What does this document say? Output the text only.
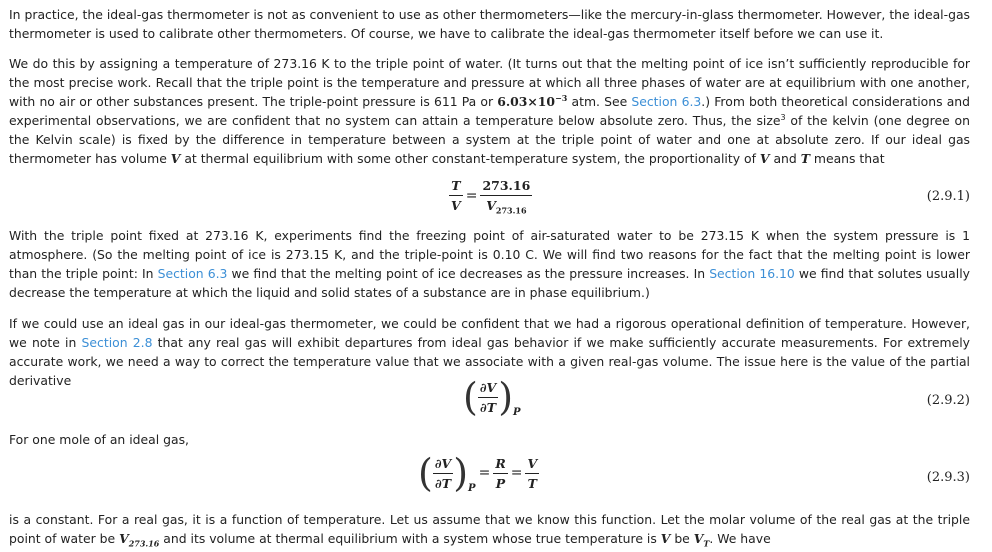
In practice, the ideal-gas thermometer is not as convenient to use as other thermometers—like the mercury-in-glass thermometer. However, the ideal-gas thermometer is used to calibrate other thermometers. Of course, we have to calibrate the ideal-gas thermometer itself before we can use it.

We do this by assigning a temperature of 273.16 K to the triple point of water. (It turns out that the melting point of ice isn’t sufficiently reproducible for the most precise work. Recall that the triple point is the temperature and pressure at which all three phases of water are at equilibrium with one another, with no air or other substances present. The triple-point pressure is 611 Pa or $6.03\times 10^{-3}$ atm. See Section 6.3.) From both theoretical considerations and experimental observations, we are confident that no system can attain a temperature below absolute zero. Thus, the size$^3$ of the kelvin (one degree on the Kelvin scale) is fixed by the difference in temperature between a system at the triple point of water and one at absolute zero. If our ideal gas thermometer has volume V at thermal equilibrium with some other constant-temperature system, the proportionality of V and T means that

$\frac{T}{V} = \frac{273.16}{V_{273.16}}$	(2.9.1)

With the triple point fixed at 273.16 K, experiments find the freezing point of air-saturated water to be 273.15 K when the system pressure is 1 atmosphere. (So the melting point of ice is 273.15 K, and the triple-point is 0.10 C. We will find two reasons for the fact that the melting point is lower than the triple point: In Section 6.3 we find that the melting point of ice decreases as the pressure increases. In Section 16.10 we find that solutes usually decrease the temperature at which the liquid and solid states of a substance are in phase equilibrium.)

If we could use an ideal gas in our ideal-gas thermometer, we could be confident that we had a rigorous operational definition of temperature. However, we note in Section 2.8 that any real gas will exhibit departures from ideal gas behavior if we make sufficiently accurate measurements. For extremely accurate work, we need a way to correct the temperature value that we associate with a given real-gas volume. The issue here is the value of the partial derivative	( $\frac{\partial V}{\partial T} )_P$
(2.9.2)

For one mole of an ideal gas,

( $\frac{\partial V}{\partial T} )_P= \frac{R}{P} = \frac{V}{T}$	(2.9.3)

is a constant. For a real gas, it is a function of temperature. Let us assume that we know this function. Let the molar volume of the real gas at the triple point of water be $V_{273.16}$ and its volume at thermal equilibrium with a system whose true temperature is V be $V_T$. We have
